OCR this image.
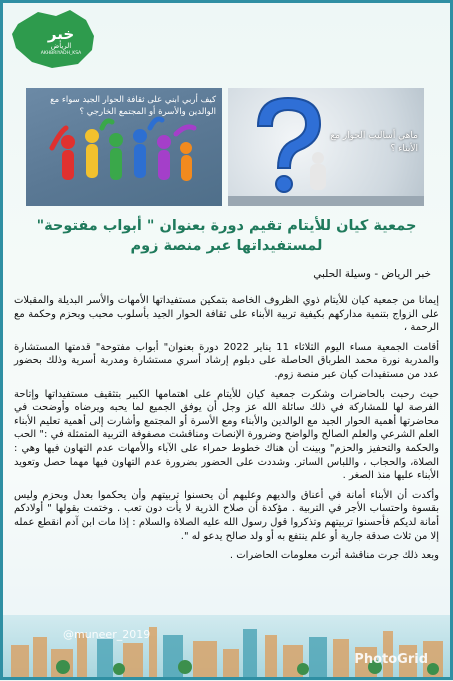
خبر
الرياض
AKHBRIYADH_KSA
كيف أربي ابني على ثقافة الحوار الجيد سواء مع الوالدين والأسرة أو المجتمع الخارجي ؟
ماهي أساليب الحوار مع الأبناء ؟
جمعية كيان للأيتام تقيم دورة بعنوان " أبواب مفتوحة" لمستفيداتها عبر منصة زوم
خبر الرياض - وسيلة الحلبي

إيمانا من جمعية كيان للأيتام ذوي الظروف الخاصة بتمكين مستفيداتها الأمهات والأسر البديلة والمقبلات على الزواج بتنمية مداركهم بكيفية تربية الأبناء على ثقافة الحوار الجيد بأسلوب محبب وبحزم وحكمة مع الرحمة ،

أقامت الجمعية مساء اليوم الثلاثاء 11 يناير 2022 دورة بعنوان" أبواب مفتوحة" قدمتها المستشارة والمدربة نورة محمد الطرباق الحاصلة على دبلوم إرشاد أسري مستشارة ومدربة أسرية وذلك بحضور عدد من مستفيدات كيان عبر منصة زوم.

حيث رحبت بالحاضرات وشكرت جمعية كيان للأيتام على اهتمامها الكبير بتثقيف مستفيداتها وإتاحة الفرصة لها للمشاركة في ذلك سائلة الله عز وجل أن يوفق الجميع لما يحبه ويرضاه وأوضحت في محاضرتها أهمية الحوار الجيد مع الوالدين والأبناء ومع الأسرة أو المجتمع وأشارت إلى أهمية تعليم الأبناء العلم الشرعي والعلم الصالح والواضح وضرورة الإنصات ومناقشت مصفوفة التربية المتمثلة في :" الحب والحكمة والتحفيز والحزم" وبينت أن هناك خطوط حمراء على الآباء والأمهات عدم التهاون فيها وهي : الصلاة، والحجاب ، واللباس الساتر. وشددت على الحضور بضرورة عدم التهاون فيها مهما حصل وتعويد الأبناء عليها منذ الصغر .

وأكدت أن الأبناء أمانة في أعناق والديهم وعليهم أن يحسنوا تربيتهم وأن يحكموا بعدل وبحزم وليس بقسوة واحتساب الأجر في التربية . مؤكدة أن صلاح الذرية لا يأت دون تعب . وختمت بقولها " أولادكم أمانة لديكم فأحسنوا تربيتهم وتذكروا قول رسول الله عليه الصلاة والسلام : إذا مات ابن آدم انقطع عمله إلا من ثلاث صدقة جارية أو علم ينتفع به أو ولد صالح يدعو له ".

وبعد ذلك جرت مناقشة أثرت معلومات الحاضرات .

@muneer_2019
PhotoGrid
